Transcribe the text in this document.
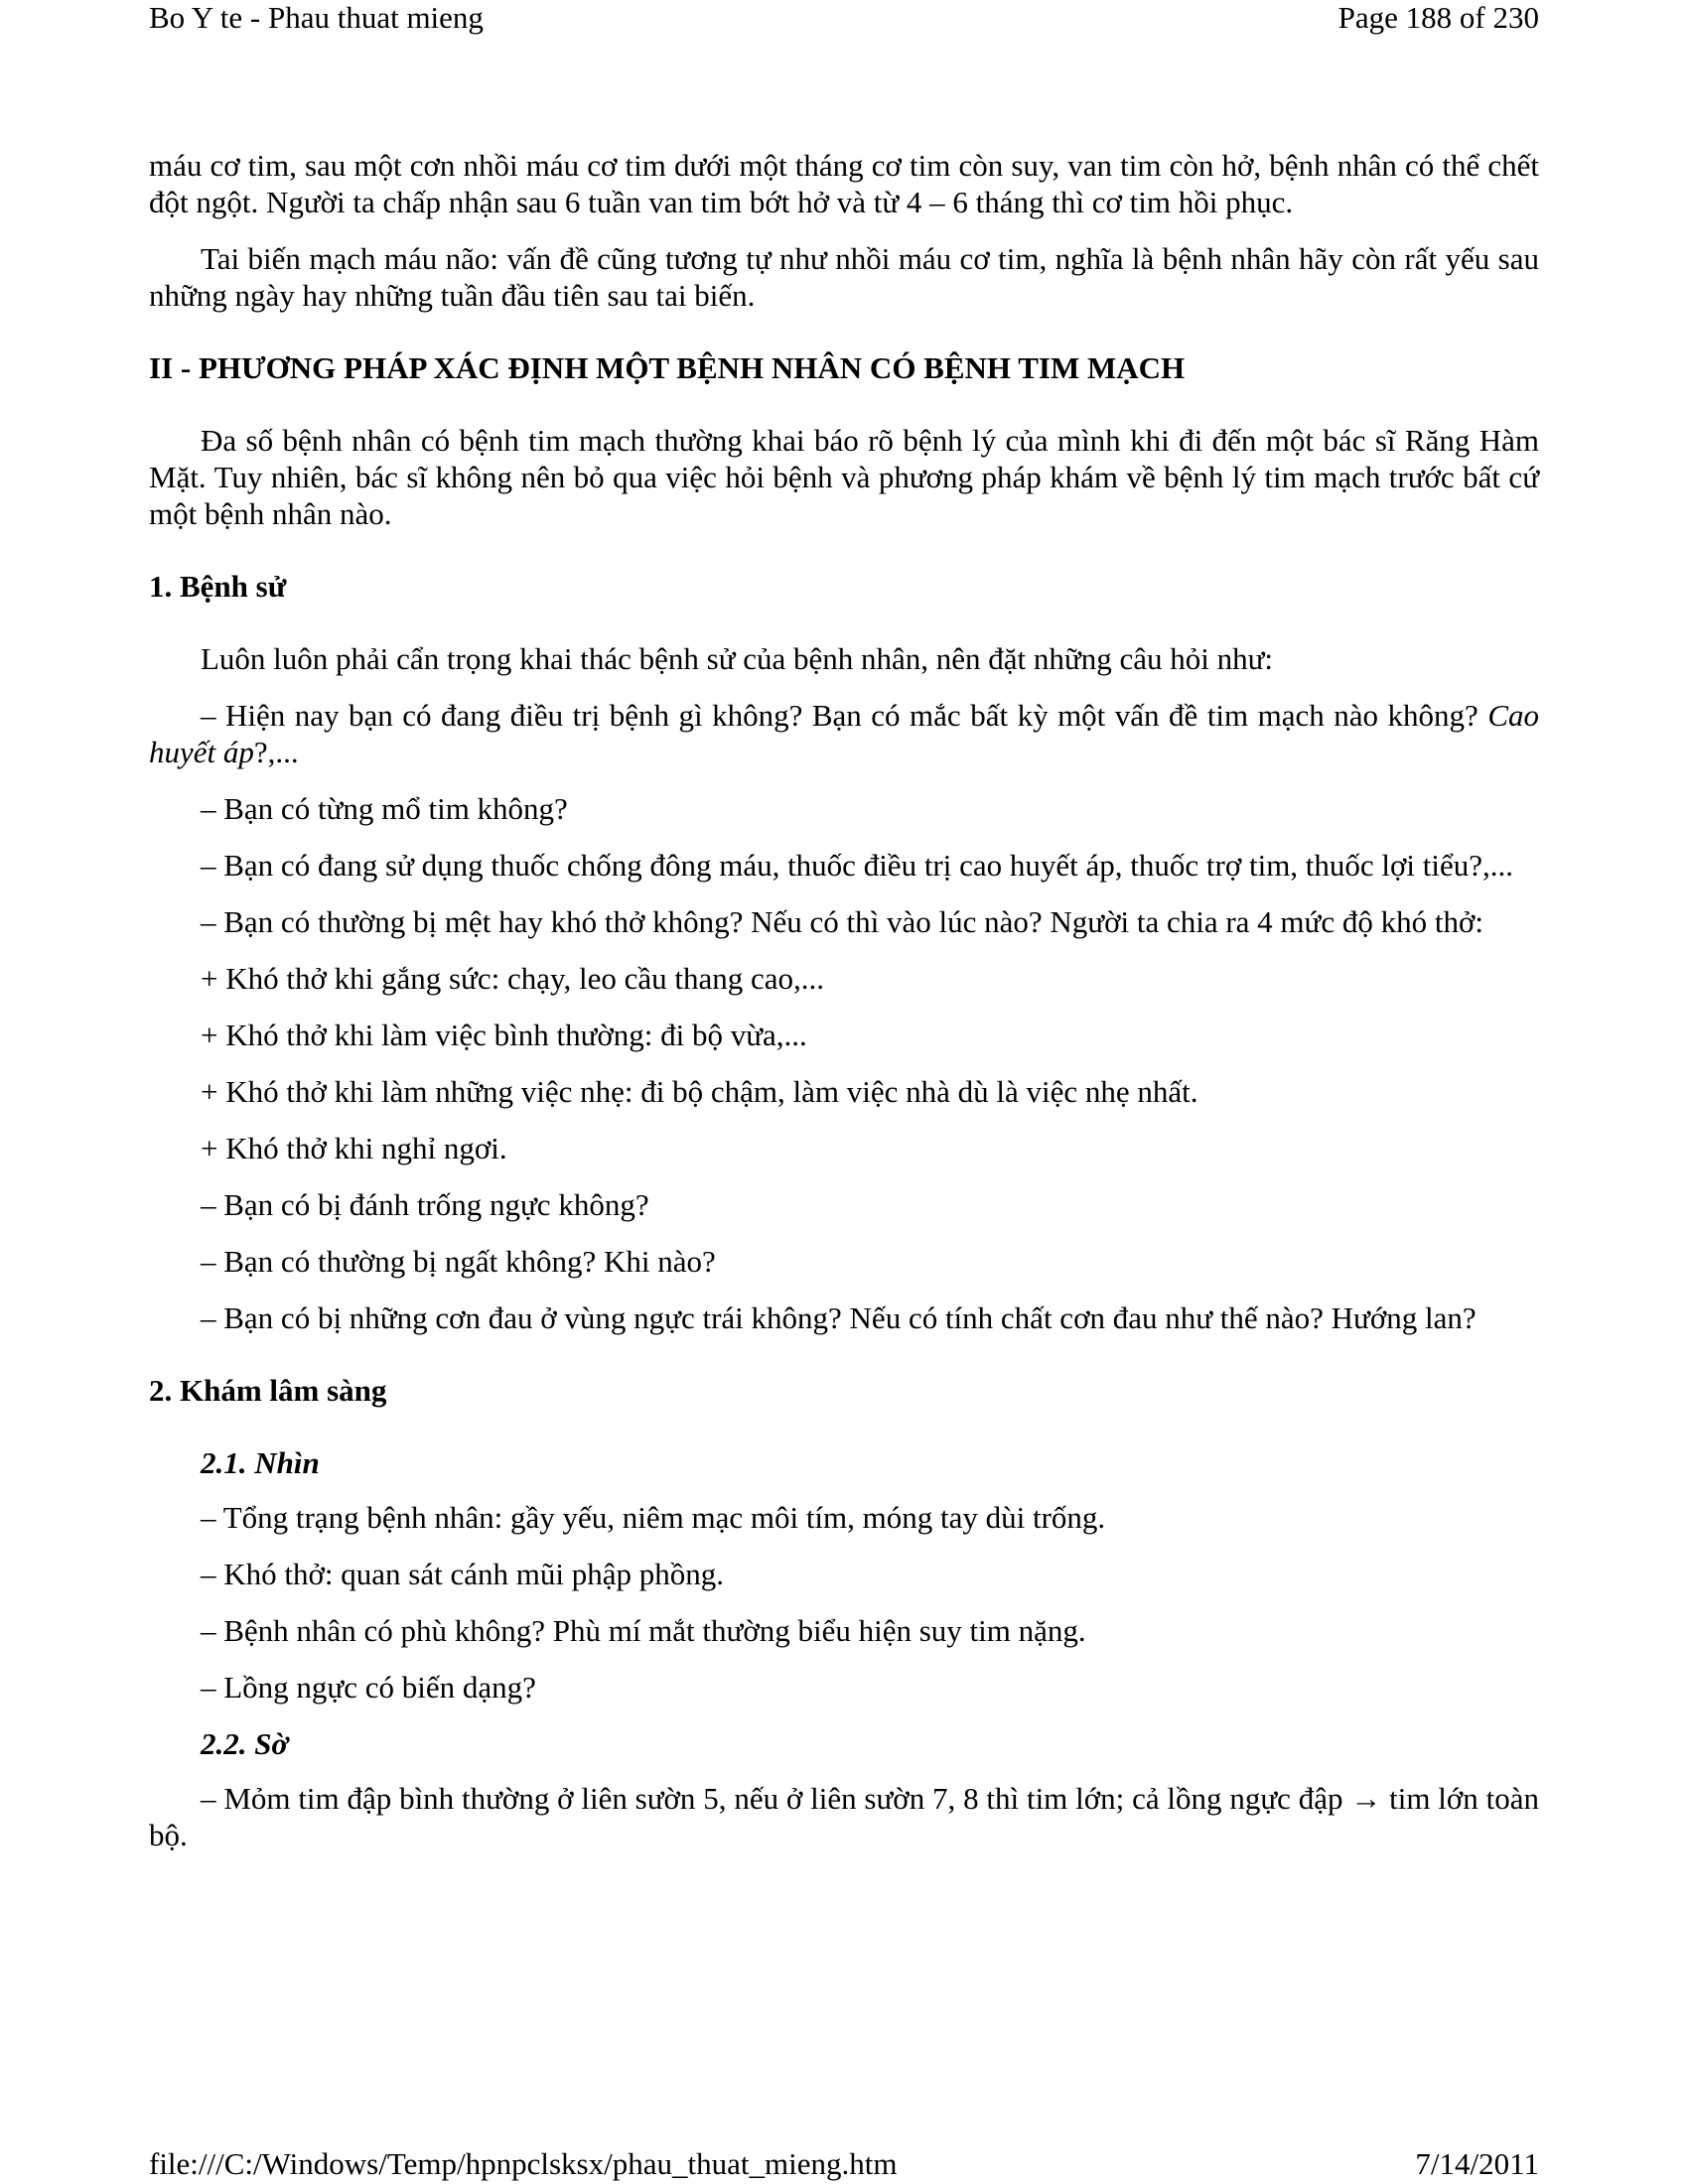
Bo Y te - Phau thuat mieng	Page 188 of 230

máu cơ tim, sau một cơn nhồi máu cơ tim dưới một tháng cơ tim còn suy, van tim còn hở, bệnh nhân có thể chết đột ngột. Người ta chấp nhận sau 6 tuần van tim bớt hở và từ 4 – 6 tháng thì cơ tim hồi phục.

Tai biến mạch máu não: vấn đề cũng tương tự như nhồi máu cơ tim, nghĩa là bệnh nhân hãy còn rất yếu sau những ngày hay những tuần đầu tiên sau tai biến.

II - PHƯƠNG PHÁP XÁC ĐỊNH MỘT BỆNH NHÂN CÓ BỆNH TIM MẠCH

Đa số bệnh nhân có bệnh tim mạch thường khai báo rõ bệnh lý của mình khi đi đến một bác sĩ Răng Hàm Mặt. Tuy nhiên, bác sĩ không nên bỏ qua việc hỏi bệnh và phương pháp khám về bệnh lý tim mạch trước bất cứ một bệnh nhân nào.

1. Bệnh sử

Luôn luôn phải cẩn trọng khai thác bệnh sử của bệnh nhân, nên đặt những câu hỏi như:

– Hiện nay bạn có đang điều trị bệnh gì không? Bạn có mắc bất kỳ một vấn đề tim mạch nào không? Cao huyết áp?,...

– Bạn có từng mổ tim không?

– Bạn có đang sử dụng thuốc chống đông máu, thuốc điều trị cao huyết áp, thuốc trợ tim, thuốc lợi tiểu?,...

– Bạn có thường bị mệt hay khó thở không? Nếu có thì vào lúc nào? Người ta chia ra 4 mức độ khó thở:

+ Khó thở khi gắng sức: chạy, leo cầu thang cao,...

+ Khó thở khi làm việc bình thường: đi bộ vừa,...

+ Khó thở khi làm những việc nhẹ: đi bộ chậm, làm việc nhà dù là việc nhẹ nhất.

+ Khó thở khi nghỉ ngơi.

– Bạn có bị đánh trống ngực không?

– Bạn có thường bị ngất không? Khi nào?

– Bạn có bị những cơn đau ở vùng ngực trái không? Nếu có tính chất cơn đau như thế nào? Hướng lan?

2. Khám lâm sàng

2.1. Nhìn

– Tổng trạng bệnh nhân: gầy yếu, niêm mạc môi tím, móng tay dùi trống.

– Khó thở: quan sát cánh mũi phập phồng.

– Bệnh nhân có phù không? Phù mí mắt thường biểu hiện suy tim nặng.

– Lồng ngực có biến dạng?

2.2. Sờ

– Mỏm tim đập bình thường ở liên sườn 5, nếu ở liên sườn 7, 8 thì tim lớn; cả lồng ngực đập → tim lớn toàn bộ.

file:///C:/Windows/Temp/hpnpclsksx/phau_thuat_mieng.htm	7/14/2011
